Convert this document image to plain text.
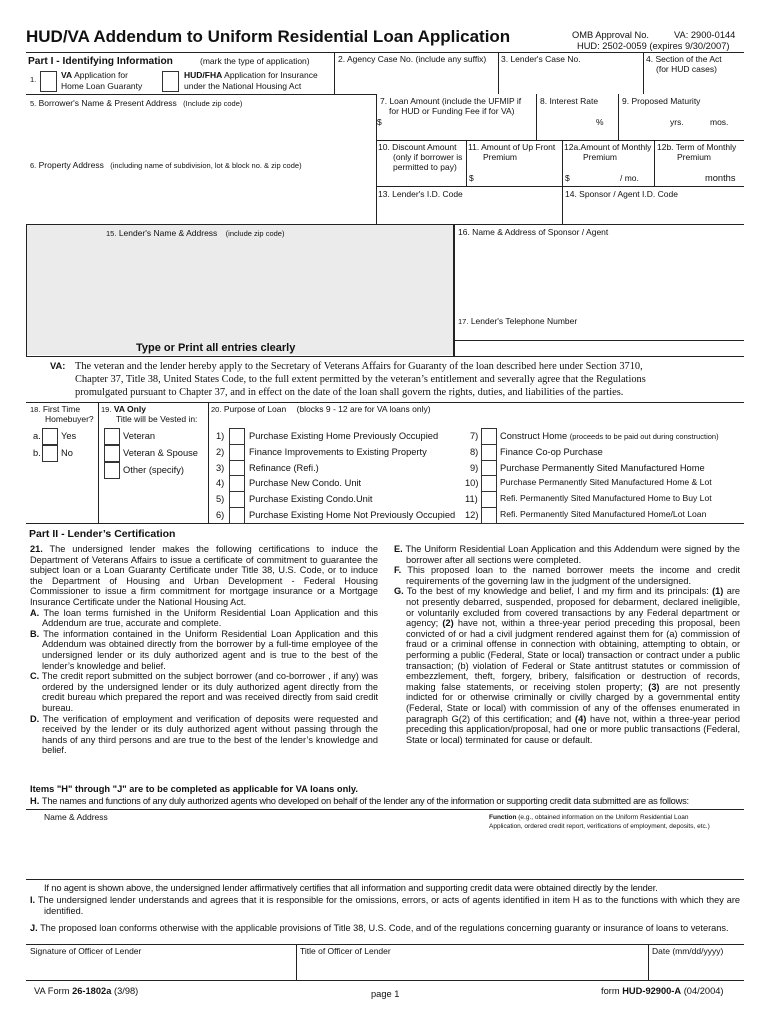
HUD/VA Addendum to Uniform Residential Loan Application	OMB Approval No.	VA: 2900-0144
HUD: 2502-0059 (expires 9/30/2007)
Part I - Identifying Information	(mark the type of application)
1.	VA Application for
Home Loan Guaranty
HUD/FHA Application for Insurance
under the National Housing Act
2. Agency Case No. (include any suffix) 3. Lender's Case No.	4. Section of the Act
(for HUD cases)
5. Borrower's Name & Present Address (Include zip code)
6. Property Address (including name of subdivision, lot & block no. & zip code)
7. Loan Amount (include the UFMIP if
for HUD or Funding Fee if for VA)
$
8. Interest Rate
%
9. Proposed Maturity
yrs.	mos.
10. Discount Amount
(only if borrower is
permitted to pay)
$
11. Amount of Up Front
Premium
$
12a.Amount of Monthly
Premium
/ mo.
12b. Term of Monthly
Premium
months
13. Lender's I.D. Code	14. Sponsor / Agent I.D. Code
15. Lender's Name & Address (include zip code)	16. Name & Address of Sponsor / Agent
17. Lender's Telephone Number
Type or Print all entries clearly
VA: The veteran and the lender hereby apply to the Secretary of Veterans Affairs for Guaranty of the loan described here under Section 3710,
Chapter 37, Title 38, United States Code, to the full extent permitted by the veteran’s entitlement and severally agree that the Regulations
promulgated pursuant to Chapter 37, and in effect on the date of the loan shall govern the rights, duties, and liabilities of the parties.
18. First Time
Homebuyer?
a. Yes
b. No
19. VA Only
Title will be Vested in:
Veteran
Veteran & Spouse
Other (specify)
20. Purpose of Loan (blocks 9 - 12 are for VA loans only)
1)	Purchase Existing Home Previously Occupied
2)	Finance Improvements to Existing Property
3)	Refinance (Refi.)
4)	Purchase New Condo. Unit
5)	Purchase Existing Condo.Unit
6)	Purchase Existing Home Not Previously Occupied
8) Finance Co-op Purchase
9) Purchase Permanently Sited Manufactured Home
10)	Purchase Permanently Sited Manufactured Home & Lot
11)	Refi. Permanently Sited Manufactured Home to Buy Lot
12)	Refi. Permanently Sited Manufactured Home/Lot Loan
7) Construct Home (proceeds to be paid out during construction)
Part II - Lender’s Certification

21. The undersigned lender makes the following certifications to induce the Department of Veterans Affairs to issue a certificate of commitment to guarantee the subject loan or a Loan Guaranty Certificate under Title 38, U.S. Code, or to induce the Department of Housing and Urban Development - Federal Housing Commissioner to issue a firm commitment for mortgage insurance or a Mortgage Insurance Certificate under the National Housing Act.

A. The loan terms furnished in the Uniform Residential Loan Application and this Addendum are true, accurate and complete.

B. The information contained in the Uniform Residential Loan Application and this Addendum was obtained directly from the borrower by a full-time employee of the undersigned lender or its duly authorized agent and is true to the best of the lender’s knowledge and belief.

C. The credit report submitted on the subject borrower (and co-borrower , if any) was ordered by the undersigned lender or its duly authorized agent directly from the credit bureau which prepared the report and was received directly from said credit bureau.

D. The verification of employment and verification of deposits were requested and received by the lender or its duly authorized agent without passing through the hands of any third persons and are true to the best of the lender’s knowledge and belief.

E. The Uniform Residential Loan Application and this Addendum were signed by the borrower after all sections were completed.

F. This proposed loan to the named borrower meets the income and credit requirements of the governing law in the judgment of the undersigned.

G. To the best of my knowledge and belief, I and my firm and its principals: (1) are not presently debarred, suspended, proposed for debarment, declared ineligible, or voluntarily excluded from covered transactions by any Federal department or agency; (2) have not, within a three-year period preceding this proposal, been convicted of or had a civil judgment rendered against them for (a) commission of fraud or a criminal offense in connection with obtaining, attempting to obtain, or performing a public (Federal, State or local) transaction or contract under a public transaction; (b) violation of Federal or State antitrust statutes or commission of embezzlement, theft, forgery, bribery, falsification or destruction of records, making false statements, or receiving stolen property; (3) are not presently indicted for or otherwise criminally or civilly charged by a governmental entity (Federal, State or local) with commission of any of the offenses enumerated in paragraph G(2) of this certification; and (4) have not, within a three-year period preceding this application/proposal, had one or more public transactions (Federal, State or local) terminated for cause or default.

Items "H" through "J" are to be completed as applicable for VA loans only.
H. The names and functions of any duly authorized agents who developed on behalf of the lender any of the information or supporting credit data submitted are as follows:
Name & Address	Function (e.g., obtained information on the Uniform Residential Loan
Application, ordered credit report, verifications of employment, deposits, etc.)
If no agent is shown above, the undersigned lender affirmatively certifies that all information and supporting credit data were obtained directly by the lender.

I. The undersigned lender understands and agrees that it is responsible for the omissions, errors, or acts of agents identified in item H as to the functions with which they are identified.

J. The proposed loan conforms otherwise with the applicable provisions of Title 38, U.S. Code, and of the regulations concerning guaranty or insurance of loans to veterans.

Signature of Officer of Lender	Title of Officer of Lender	Date (mm/dd/yyyy)
VA Form 26-1802a (3/98)	page 1	form HUD-92900-A (04/2004)
